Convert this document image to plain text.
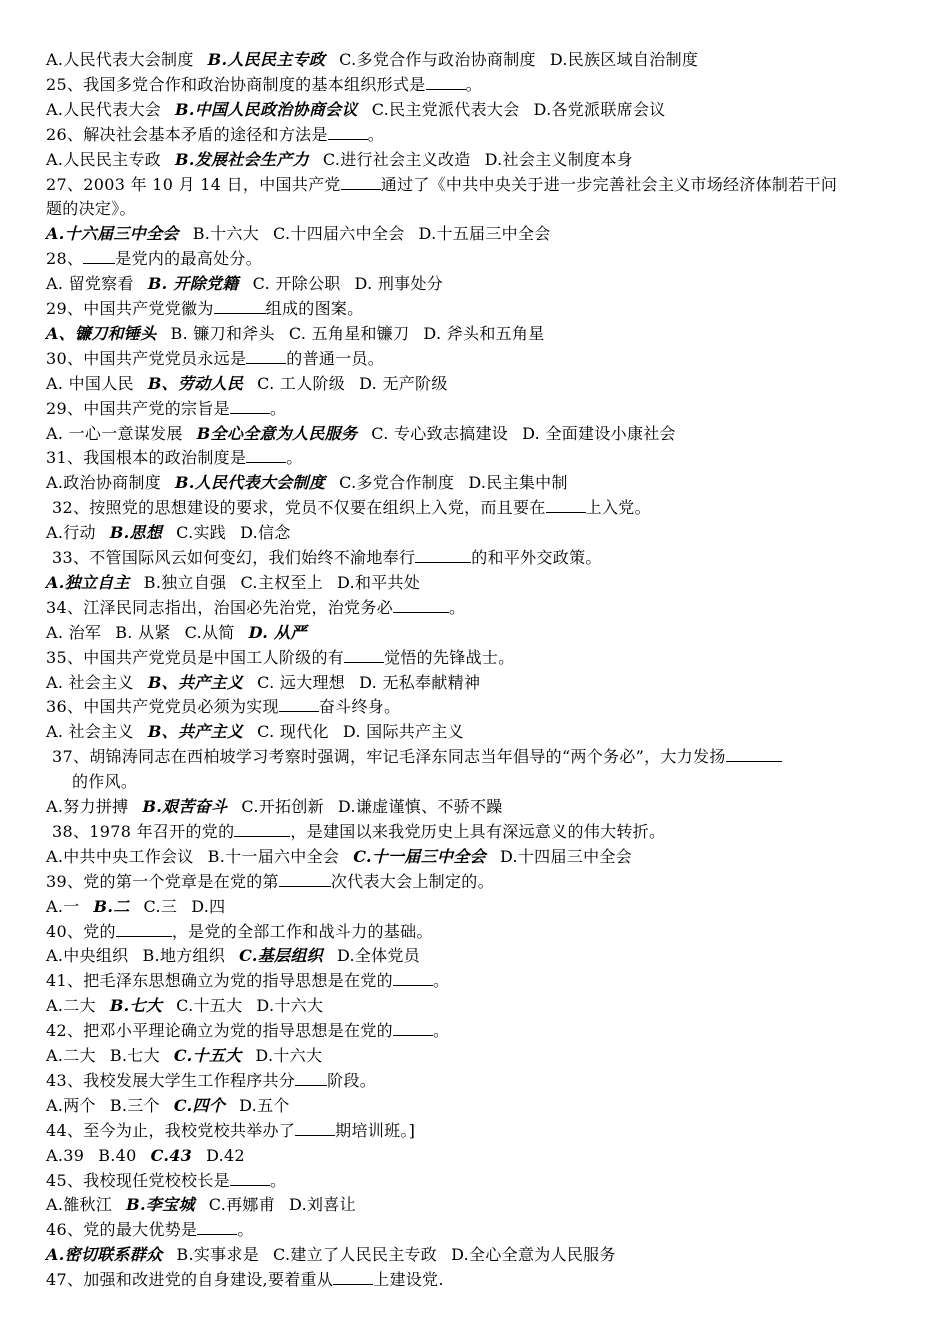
A.人民代表大会制度 B.人民民主专政 C.多党合作与政治协商制度 D.民族区域自治制度
25、我国多党合作和政治协商制度的基本组织形式是	。
A.人民代表大会 B.中国人民政治协商会议 C.民主党派代表大会 D.各党派联席会议
26、解决社会基本矛盾的途径和方法是	。
A.人民民主专政 B.发展社会生产力 C.进行社会主义改造 D.社会主义制度本身
27、2003 年 10 月 14 日，中国共产党	通过了《中共中央关于进一步完善社会主义市场经济体制若干问
题的决定》。
A.十六届三中全会 B.十六大 C.十四届六中全会 D.十五届三中全会
28、 是党内的最高处分。
A. 留党察看 B. 开除党籍 C. 开除公职 D. 刑事处分
29、中国共产党党徽为	组成的图案。
A、镰刀和锤头 B. 镰刀和斧头 C. 五角星和镰刀 D. 斧头和五角星
30、中国共产党党员永远是	的普通一员。
A. 中国人民 B、劳动人民 C. 工人阶级 D. 无产阶级
29、中国共产党的宗旨是	。
A. 一心一意谋发展 B全心全意为人民服务 C. 专心致志搞建设 D. 全面建设小康社会
31、我国根本的政治制度是	。
A.政治协商制度 B.人民代表大会制度 C.多党合作制度 D.民主集中制
32、按照党的思想建设的要求，党员不仅要在组织上入党，而且要在	上入党。
A.行动 B.思想 C.实践 D.信念
33、不管国际风云如何变幻，我们始终不渝地奉行	的和平外交政策。
A.独立自主 B.独立自强 C.主权至上 D.和平共处
34、江泽民同志指出，治国必先治党，治党务必	。
A. 治军 B. 从紧 C.从简 D. 从严
35、中国共产党党员是中国工人阶级的有	觉悟的先锋战士。
A. 社会主义 B、共产主义 C. 远大理想 D. 无私奉献精神
36、中国共产党党员必须为实现	奋斗终身。
A. 社会主义 B、共产主义 C. 现代化 D. 国际共产主义
37、胡锦涛同志在西柏坡学习考察时强调，牢记毛泽东同志当年倡导的“两个务必”，大力发扬
的作风。
A.努力拼搏 B.艰苦奋斗 C.开拓创新 D.谦虚谨慎、不骄不躁
38、1978 年召开的党的	，是建国以来我党历史上具有深远意义的伟大转折。
A.中共中央工作会议 B.十一届六中全会 C.十一届三中全会 D.十四届三中全会
39、党的第一个党章是在党的第	次代表大会上制定的。
A.一 B.二 C.三 D.四
40、党的	，是党的全部工作和战斗力的基础。
A.中央组织 B.地方组织 C.基层组织 D.全体党员
41、把毛泽东思想确立为党的指导思想是在党的	。
A.二大 B.七大 C.十五大 D.十六大
42、把邓小平理论确立为党的指导思想是在党的	。
A.二大 B.七大 C.十五大 D.十六大
43、我校发展大学生工作程序共分 阶段。
A.两个 B.三个 C.四个 D.五个
44、至今为止，我校党校共举办了	期培训班。]
A.39 B.40 C.43 D.42
45、我校现任党校校长是	。
A.雒秋江 B.李宝城 C.再娜甫 D.刘喜让
46、党的最大优势是	。
A.密切联系群众 B.实事求是 C.建立了人民民主专政 D.全心全意为人民服务
47、加强和改进党的自身建设,要着重从	上建设党.
